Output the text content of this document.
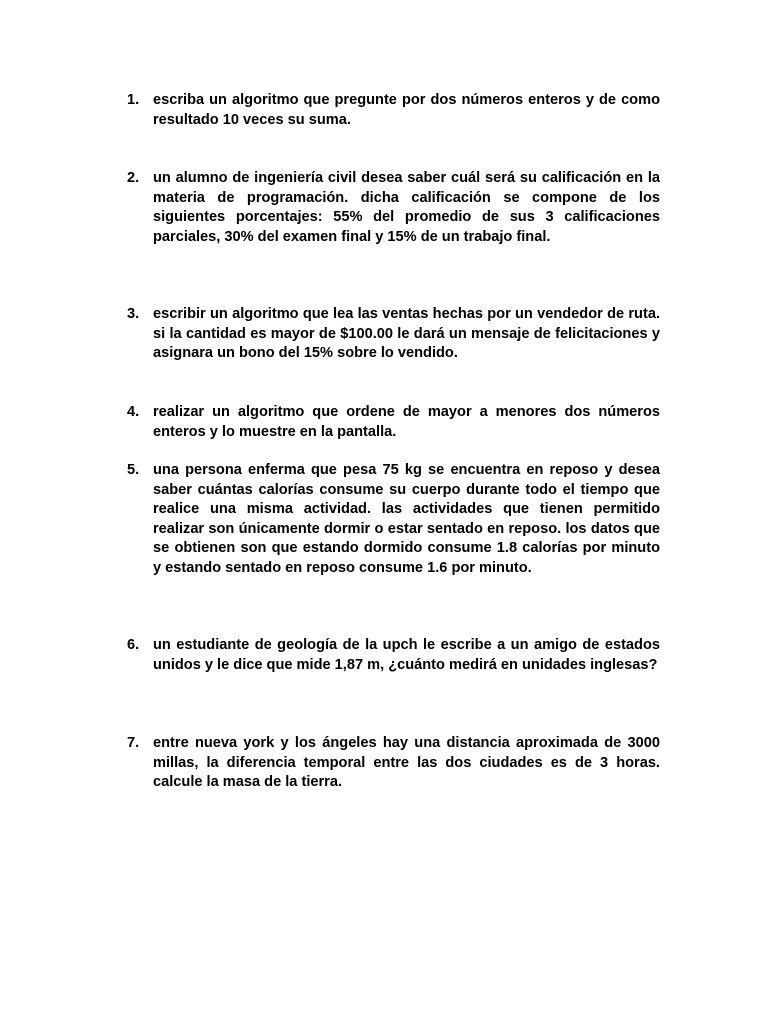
1. escriba un algoritmo que pregunte por dos números enteros y de como resultado 10 veces su suma.
2. un alumno de ingeniería civil desea saber cuál será su calificación en la materia de programación. dicha calificación se compone de los siguientes porcentajes: 55% del promedio de sus 3 calificaciones parciales, 30% del examen final y 15% de un trabajo final.
3. escribir un algoritmo que lea las ventas hechas por un vendedor de ruta. si la cantidad es mayor de $100.00 le dará un mensaje de felicitaciones y asignara un bono del 15% sobre lo vendido.
4. realizar un algoritmo que ordene de mayor a menores dos números enteros y lo muestre en la pantalla.
5. una persona enferma que pesa 75 kg se encuentra en reposo y desea saber cuántas calorías consume su cuerpo durante todo el tiempo que realice una misma actividad. las actividades que tienen permitido realizar son únicamente dormir o estar sentado en reposo. los datos que se obtienen son que estando dormido consume 1.8 calorías por minuto y estando sentado en reposo consume 1.6 por minuto.
6. un estudiante de geología de la upch le escribe a un amigo de estados unidos y le dice que mide 1,87 m, ¿cuánto medirá en unidades inglesas?
7. entre nueva york y los ángeles hay una distancia aproximada de 3000 millas, la diferencia temporal entre las dos ciudades es de 3 horas. calcule la masa de la tierra.
